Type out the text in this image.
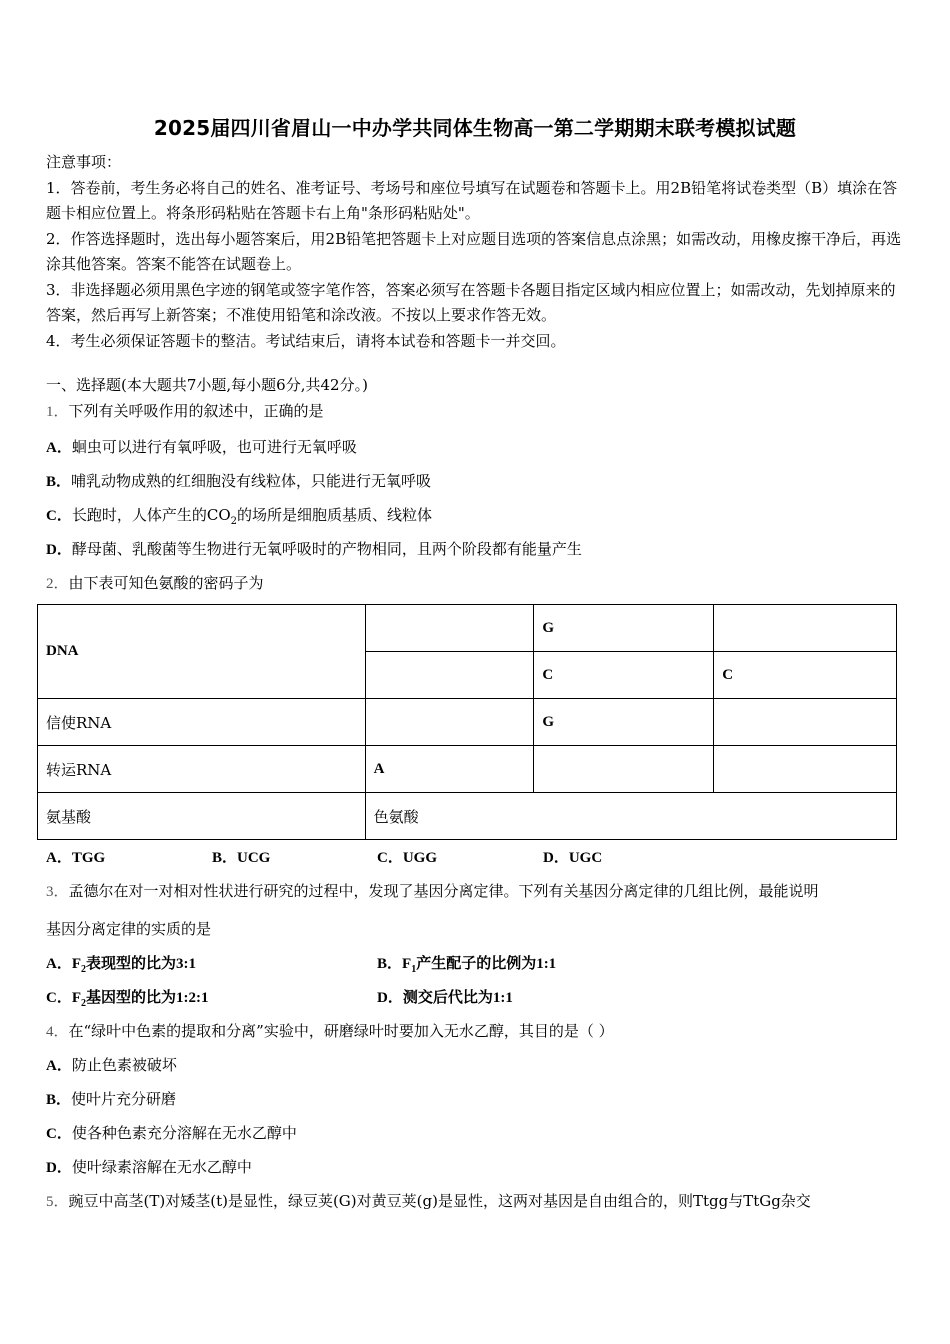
2025届四川省眉山一中办学共同体生物高一第二学期期末联考模拟试题

注意事项：

1．答卷前，考生务必将自己的姓名、准考证号、考场号和座位号填写在试题卷和答题卡上。用2B铅笔将试卷类型（B）填涂在答题卡相应位置上。将条形码粘贴在答题卡右上角"条形码粘贴处"。

2．作答选择题时，选出每小题答案后，用2B铅笔把答题卡上对应题目选项的答案信息点涂黑；如需改动，用橡皮擦干净后，再选涂其他答案。答案不能答在试题卷上。

3．非选择题必须用黑色字迹的钢笔或签字笔作答，答案必须写在答题卡各题目指定区域内相应位置上；如需改动，先划掉原来的答案，然后再写上新答案；不准使用铅笔和涂改液。不按以上要求作答无效。

4．考生必须保证答题卡的整洁。考试结束后，请将本试卷和答题卡一并交回。

一、选择题(本大题共7小题,每小题6分,共42分。)
1．下列有关呼吸作用的叙述中，正确的是
A．蛔虫可以进行有氧呼吸，也可进行无氧呼吸
B．哺乳动物成熟的红细胞没有线粒体，只能进行无氧呼吸
C．长跑时，人体产生的$CO_2$的场所是细胞质基质、线粒体
D．酵母菌、乳酸菌等生物进行无氧呼吸时的产物相同，且两个阶段都有能量产生
2．由下表可知色氨酸的密码子为
DNA		G	
		C	C
信使RNA		G	
转运RNA	A		
氨基酸	色氨酸		
A．TGG	B．UCG	C．UGG	D．UGC
3．孟德尔在对一对相对性状进行研究的过程中，发现了基因分离定律。下列有关基因分离定律的几组比例，最能说明
基因分离定律的实质的是
A．$F_2$表现型的比为3:1	B．$F_1$产生配子的比例为1:1
C．$F_2$基因型的比为1:2:1	D．测交后代比为1:1
4．在“绿叶中色素的提取和分离”实验中，研磨绿叶时要加入无水乙醇，其目的是（ ）
A．防止色素被破坏
B．使叶片充分研磨
C．使各种色素充分溶解在无水乙醇中
D．使叶绿素溶解在无水乙醇中
5．豌豆中高茎(T)对矮茎(t)是显性，绿豆荚(G)对黄豆荚(g)是显性，这两对基因是自由组合的，则Ttgg与TtGg杂交
